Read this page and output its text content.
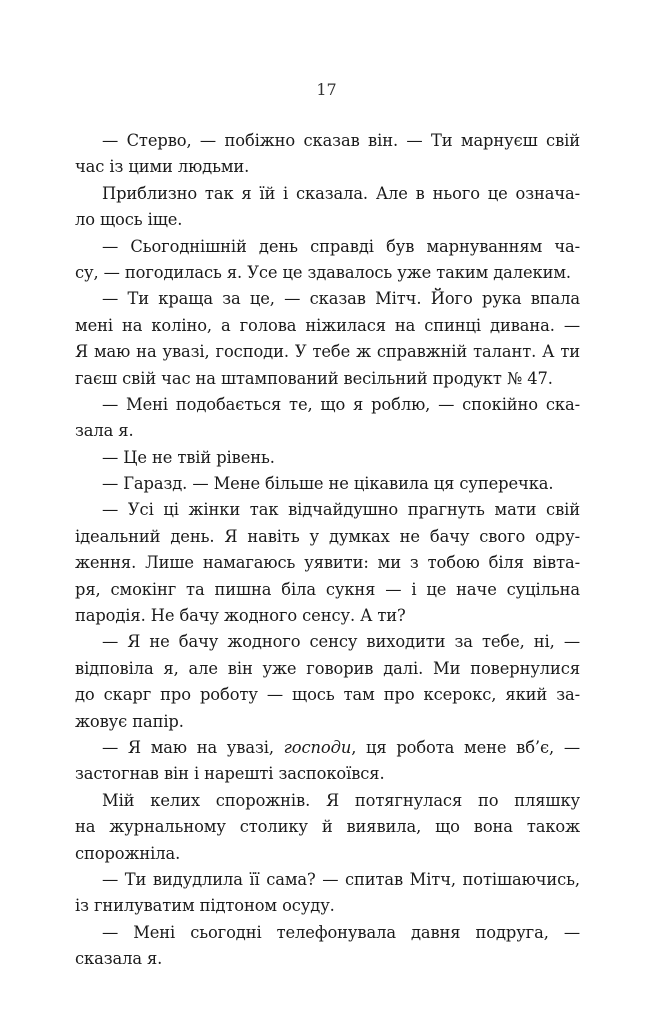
17
— Стерво, — побіжно сказав він. — Ти марнуєш свій
час із цими людьми.
Приблизно так я їй і сказала. Але в нього це означа-
ло щось іще.
— Сьогоднішній день справді був марнуванням ча-
су, — погодилась я. Усе це здавалось уже таким далеким.
— Ти краща за це, — сказав Мітч. Його рука впала
мені на коліно, а голова ніжилася на спинці дивана. —
Я маю на увазі, господи. У тебе ж справжній талант. А ти
гаєш свій час на штампований весільний продукт № 47.
— Мені подобається те, що я роблю, — спокійно ска-
зала я.
— Це не твій рівень.
— Гаразд. — Мене більше не цікавила ця суперечка.
— Усі ці жінки так відчайдушно прагнуть мати свій
ідеальний день. Я навіть у думках не бачу свого одру-
ження. Лише намагаюсь уявити: ми з тобою біля вівта-
ря, смокінг та пишна біла сукня — і це наче суцільна
пародія. Не бачу жодного сенсу. А ти?
— Я не бачу жодного сенсу виходити за тебе, ні, —
відповіла я, але він уже говорив далі. Ми повернулися
до скарг про роботу — щось там про ксерокс, який за-
жовує папір.
— Я маю на увазі, господи, ця робота мене вб’є, —
застогнав він і нарешті заспокоївся.
Мій келих спорожнів. Я потягнулася по пляшку
на журнальному столику й виявила, що вона також
спорожніла.
— Ти видудлила її сама? — спитав Мітч, потішаючись,
із гнилуватим підтоном осуду.
— Мені сьогодні телефонувала давня подруга, —
сказала я.
